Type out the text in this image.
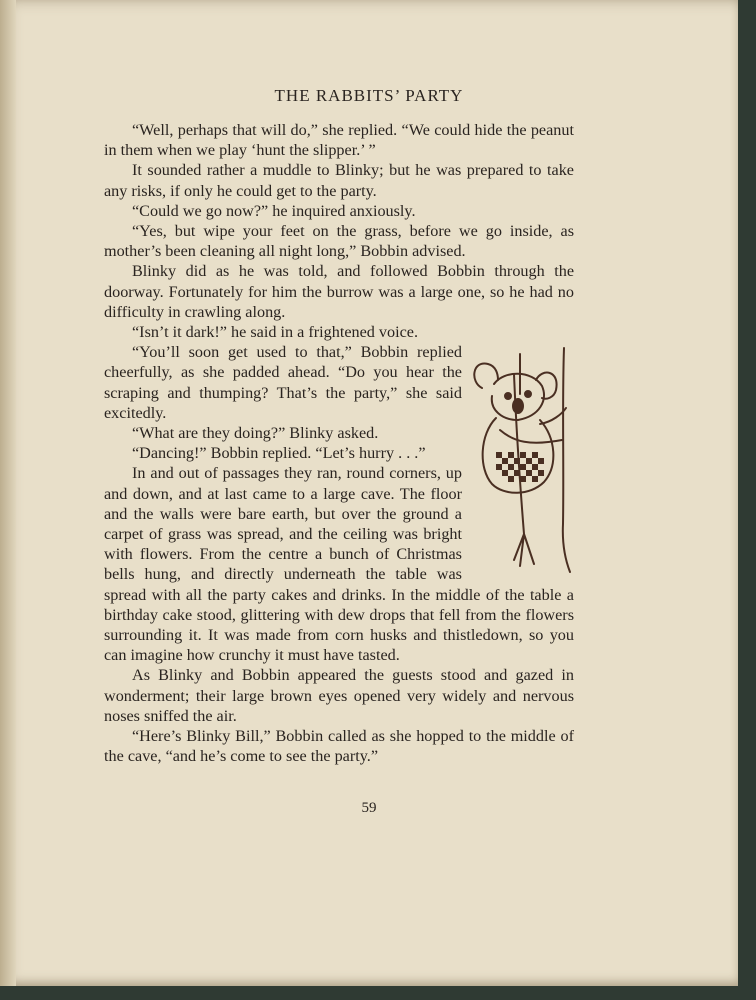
THE RABBITS’ PARTY

“Well, perhaps that will do,” she replied. “We could hide the peanut in them when we play ‘hunt the slipper.’ ”

It sounded rather a muddle to Blinky; but he was prepared to take any risks, if only he could get to the party.

“Could we go now?” he inquired anxiously.

“Yes, but wipe your feet on the grass, before we go inside, as mother’s been cleaning all night long,” Bobbin advised.

Blinky did as he was told, and followed Bobbin through the doorway. Fortunately for him the burrow was a large one, so he had no difficulty in crawling along.

“Isn’t it dark!” he said in a frightened voice.

“You’ll soon get used to that,” Bobbin replied cheerfully, as she padded ahead. “Do you hear the scraping and thumping? That’s the party,” she said excitedly.

“What are they doing?” Blinky asked.

“Dancing!” Bobbin replied. “Let’s hurry . . .”

In and out of passages they ran, round corners, up and down, and at last came to a large cave. The floor and the walls were bare earth, but over the ground a carpet of grass was spread, and the ceiling was bright with flowers. From the centre a bunch of Christmas bells hung, and directly underneath the table was spread with all the party cakes and drinks. In the middle of the table a birthday cake stood, glittering with dew drops that fell from the flowers surrounding it. It was made from corn husks and thistledown, so you can imagine how crunchy it must have tasted.

As Blinky and Bobbin appeared the guests stood and gazed in wonderment; their large brown eyes opened very widely and nervous noses sniffed the air.

“Here’s Blinky Bill,” Bobbin called as she hopped to the middle of the cave, “and he’s come to see the party.”

59
